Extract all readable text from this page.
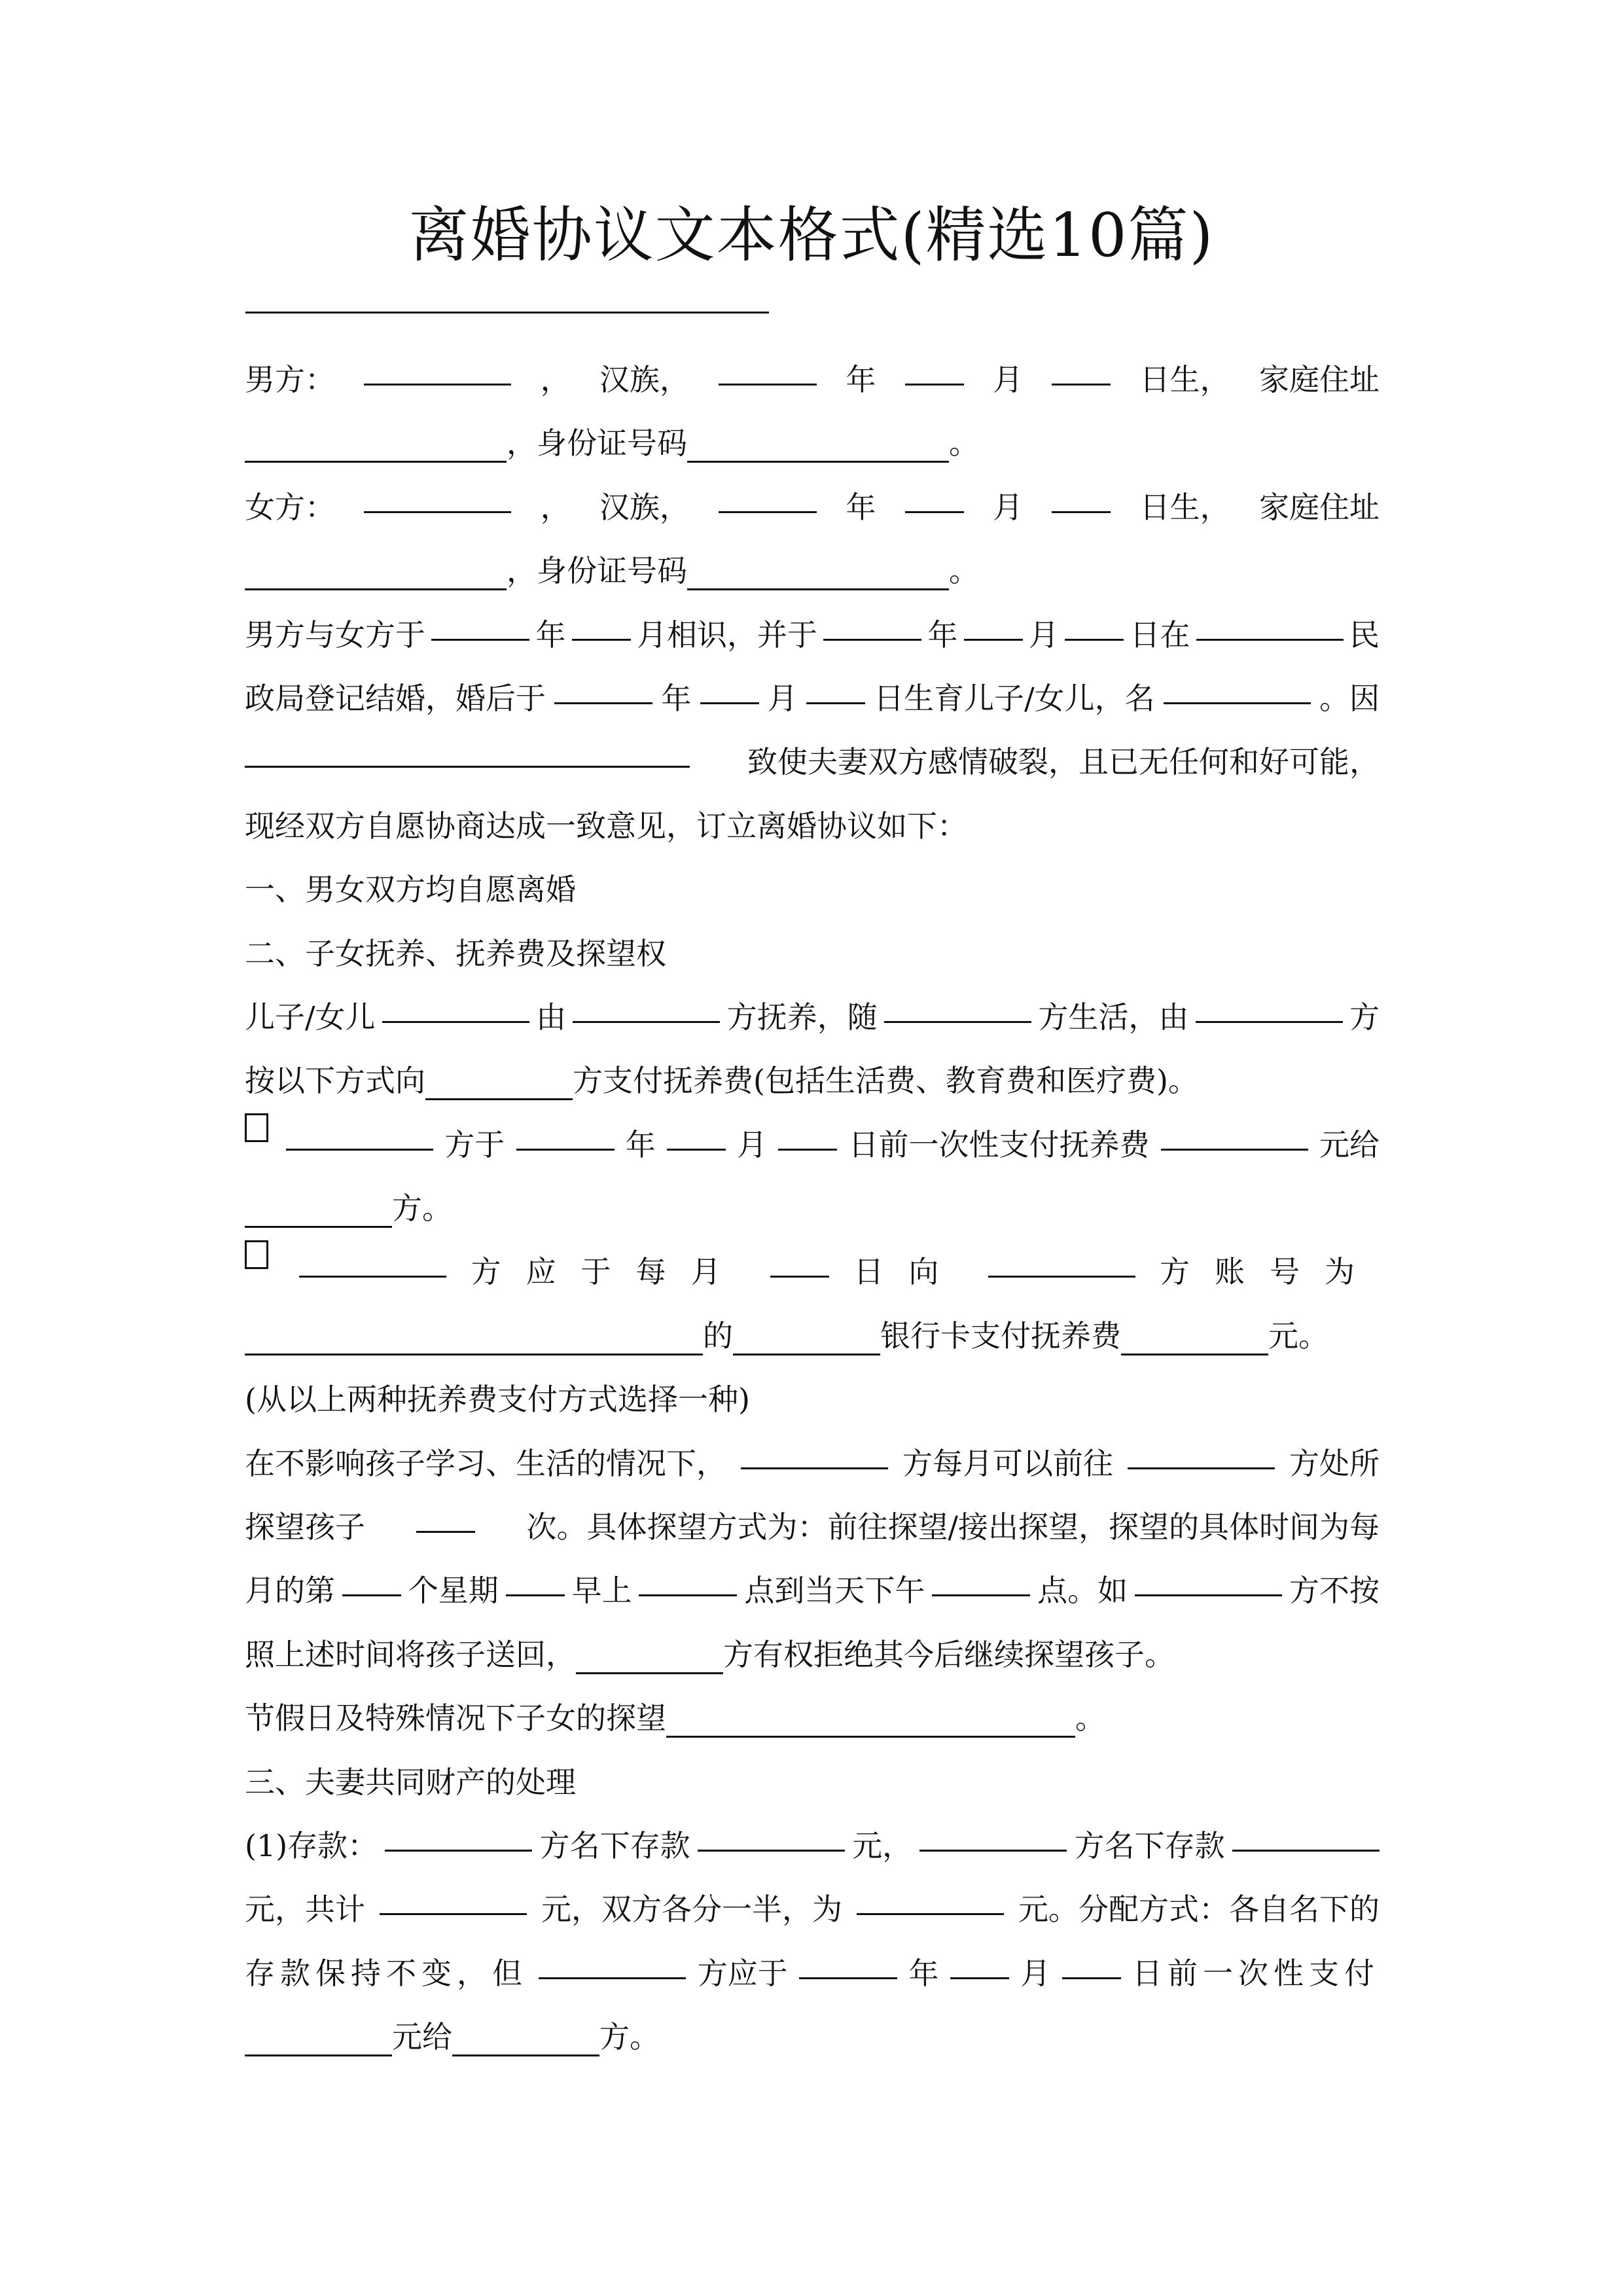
离婚协议文本格式(精选10篇)
男方：	， 汉族，	年	月	日生， 家庭住址
，身份证号码	。
女方：	， 汉族，	年	月	日生， 家庭住址
，身份证号码	。
男方与女方于	年 月相识，并于	年 月 日在	民
政局登记结婚，婚后于	年	月	日生育儿子/女儿，名	。因
致使夫妻双方感情破裂，且已无任何和好可能，
现经双方自愿协商达成一致意见，订立离婚协议如下：
一、男女双方均自愿离婚
二、子女抚养、抚养费及探望权
儿子/女儿	由	方抚养，随	方生活，由	方
按以下方式向	方支付抚养费(包括生活费、教育费和医疗费)。
方于	年	月	日前一次性支付抚养费	元给
方。
方应于每月	日向	方账号为
的	银行卡支付抚养费	元。
(从以上两种抚养费支付方式选择一种)
在不影响孩子学习、生活的情况下，	方每月可以前往	方处所
探望孩子	次。具体探望方式为：前往探望/接出探望，探望的具体时间为每
月的第 个星期 早上	点到当天下午	点。如	方不按
照上述时间将孩子送回，	方有权拒绝其今后继续探望孩子。
节假日及特殊情况下子女的探望	。
三、夫妻共同财产的处理
(1)存款：	方名下存款	元，	方名下存款
元，共计	元，双方各分一半，为	元。分配方式：各自名下的
存款保持不变，但	方应于	年	月	日前一次性支付
元给	方。
